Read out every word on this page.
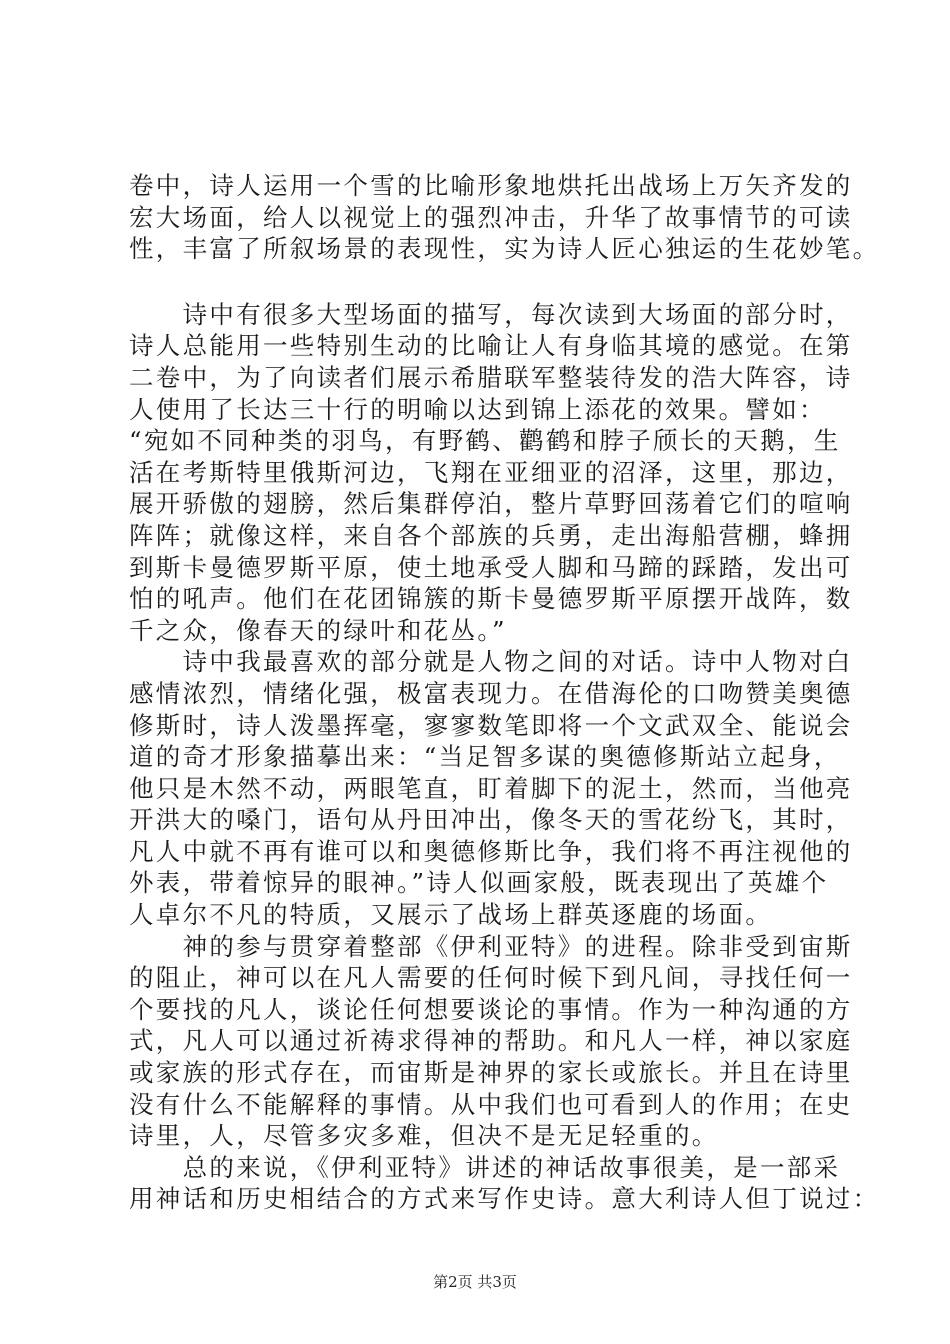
卷中，诗人运用一个雪的比喻形象地烘托出战场上万矢齐发的
宏大场面，给人以视觉上的强烈冲击，升华了故事情节的可读
性，丰富了所叙场景的表现性，实为诗人匠心独运的生花妙笔。
　　诗中有很多大型场面的描写，每次读到大场面的部分时，
诗人总能用一些特别生动的比喻让人有身临其境的感觉。在第
二卷中，为了向读者们展示希腊联军整装待发的浩大阵容，诗
人使用了长达三十行的明喻以达到锦上添花的效果。譬如：
“宛如不同种类的羽鸟，有野鹤、鹳鹤和脖子颀长的天鹅，生
活在考斯特里俄斯河边，飞翔在亚细亚的沼泽，这里，那边，
展开骄傲的翅膀，然后集群停泊，整片草野回荡着它们的喧响
阵阵；就像这样，来自各个部族的兵勇，走出海船营棚，蜂拥
到斯卡曼德罗斯平原，使土地承受人脚和马蹄的踩踏，发出可
怕的吼声。他们在花团锦簇的斯卡曼德罗斯平原摆开战阵，数
千之众，像春天的绿叶和花丛。”
　　诗中我最喜欢的部分就是人物之间的对话。诗中人物对白
感情浓烈，情绪化强，极富表现力。在借海伦的口吻赞美奥德
修斯时，诗人泼墨挥毫，寥寥数笔即将一个文武双全、能说会
道的奇才形象描摹出来：“当足智多谋的奥德修斯站立起身，
他只是木然不动，两眼笔直，盯着脚下的泥土，然而，当他亮
开洪大的嗓门，语句从丹田冲出，像冬天的雪花纷飞，其时，
凡人中就不再有谁可以和奥德修斯比争，我们将不再注视他的
外表，带着惊异的眼神。”诗人似画家般，既表现出了英雄个
人卓尔不凡的特质，又展示了战场上群英逐鹿的场面。
　　神的参与贯穿着整部《伊利亚特》的进程。除非受到宙斯
的阻止，神可以在凡人需要的任何时候下到凡间，寻找任何一
个要找的凡人，谈论任何想要谈论的事情。作为一种沟通的方
式，凡人可以通过祈祷求得神的帮助。和凡人一样，神以家庭
或家族的形式存在，而宙斯是神界的家长或旅长。并且在诗里
没有什么不能解释的事情。从中我们也可看到人的作用；在史
诗里，人，尽管多灾多难，但决不是无足轻重的。
　　总的来说，《伊利亚特》讲述的神话故事很美，是一部采
用神话和历史相结合的方式来写作史诗。意大利诗人但丁说过：
第2页 共3页
